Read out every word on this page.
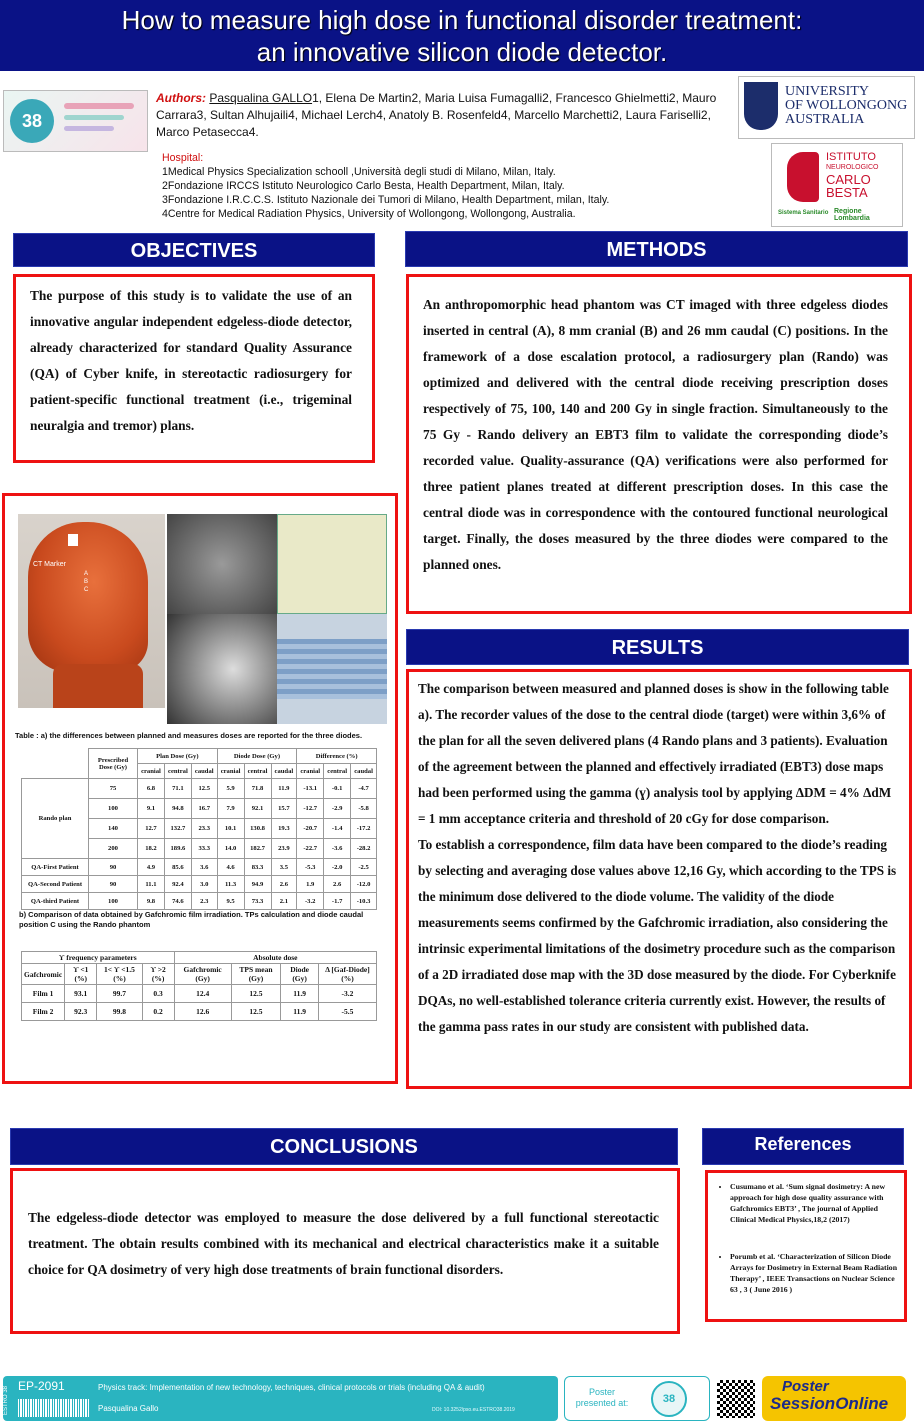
How to measure high dose in functional disorder treatment:
an innovative silicon diode detector.
38
Authors: Pasqualina GALLO1, Elena De Martin2, Maria Luisa Fumagalli2, Francesco Ghielmetti2, Mauro Carrara3, Sultan Alhujaili4, Michael Lerch4, Anatoly B. Rosenfeld4, Marcello Marchetti2, Laura Fariselli2, Marco Petasecca4.
Hospital:
1Medical Physics Specialization schooll ,Università degli studi di Milano, Milan, Italy.
2Fondazione IRCCS Istituto Neurologico Carlo Besta, Health Department, Milan, Italy.
3Fondazione I.R.C.C.S. Istituto Nazionale dei Tumori di Milano, Health Department, milan, Italy.
4Centre for Medical Radiation Physics, University of Wollongong, Wollongong, Australia.
UNIVERSITY
OF WOLLONGONG
AUSTRALIA
ISTITUTO
NEUROLOGICO
CARLO
BESTA
Sistema Sanitario Regione Lombardia
OBJECTIVES
The purpose of this study is to validate the use of an innovative angular independent edgeless-diode detector, already characterized for standard Quality Assurance (QA) of Cyber knife, in stereotactic radiosurgery for patient-specific functional treatment (i.e., trigeminal neuralgia and tremor) plans.
METHODS
An anthropomorphic head phantom was CT imaged with three edgeless diodes inserted in central (A), 8 mm cranial (B) and 26 mm caudal (C) positions. In the framework of a dose escalation protocol, a radiosurgery plan (Rando) was optimized and delivered with the central diode receiving prescription doses respectively of 75, 100, 140 and 200 Gy in single fraction. Simultaneously to the 75 Gy - Rando delivery an EBT3 film to validate the corresponding diode’s recorded value. Quality-assurance (QA) verifications were also performed for three patient planes treated at different prescription doses. In this case the central diode was in correspondence with the contoured functional neurological target. Finally, the doses measured by the three diodes were compared to the planned ones.
CT Marker
A
B
C
Table : a) the differences between planned and measures doses are reported for the three diodes.
	Prescribed Dose (Gy)	Plan Dose (Gy)			Diode Dose (Gy)			Difference (%)		
		cranial	central	caudal	cranial	central	caudal	cranial	central	caudal
Rando plan	75	6.8	71.1	12.5	5.9	71.8	11.9	-13.1	-0.1	-4.7
	100	9.1	94.8	16.7	7.9	92.1	15.7	-12.7	-2.9	-5.8
	140	12.7	132.7	23.3	10.1	130.8	19.3	-20.7	-1.4	-17.2
	200	18.2	189.6	33.3	14.0	182.7	23.9	-22.7	-3.6	-28.2
QA-First Patient	90	4.9	85.6	3.6	4.6	83.3	3.5	-5.3	-2.0	-2.5
QA-Second Patient	90	11.1	92.4	3.0	11.3	94.9	2.6	1.9	2.6	-12.0
QA-third Patient	100	9.8	74.6	2.3	9.5	73.3	2.1	-3.2	-1.7	-10.3
b) Comparison of data obtained by Gafchromic film irradiation. TPs calculation and diode caudal position C using the Rando phantom
ϒ frequency parameters				Absolute dose			
Gafchromic	ϒ <1 (%)	1< ϒ <1.5 (%)	ϒ >2 (%)	Gafchromic (Gy)	TPS mean (Gy)	Diode (Gy)	Δ [Gaf-Diode] (%)
Film 1	93.1	99.7	0.3	12.4	12.5	11.9	-3.2
Film 2	92.3	99.8	0.2	12.6	12.5	11.9	-5.5
RESULTS
The comparison between measured and planned doses is show in the following table a). The recorder values of the dose to the central diode (target) were within 3,6% of the plan for all the seven delivered plans (4 Rando plans and 3 patients). Evaluation of the agreement between the planned and effectively irradiated (EBT3) dose maps had been performed using the gamma (ɣ) analysis tool by applying ΔDM = 4% ΔdM = 1 mm acceptance criteria and threshold of 20 cGy for dose comparison.
To establish a correspondence, film data have been compared to the diode’s reading by selecting and averaging dose values above 12,16 Gy, which according to the TPS is the minimum dose delivered to the diode volume. The validity of the diode measurements seems confirmed by the Gafchromic irradiation, also considering the intrinsic experimental limitations of the dosimetry procedure such as the comparison of a 2D irradiated dose map with the 3D dose measured by the diode. For Cyberknife DQAs, no well-established tolerance criteria currently exist. However, the results of the gamma pass rates in our study are consistent with published data.
CONCLUSIONS
The edgeless-diode detector was employed to measure the dose delivered by a full functional stereotactic treatment. The obtain results combined with its mechanical and electrical characteristics make it a suitable choice for QA dosimetry of very high dose treatments of brain functional disorders.
References
• Cusumano et al. ‘Sum signal dosimetry: A new approach for high dose quality assurance with Gafchromics EBT3’ , The journal of Applied Clinical Medical Physics,18,2 (2017)
• Porumb et al. ‘Characterization of Silicon Diode Arrays for Dosimetry in External Beam Radiation Therapy’ , IEEE Transactions on Nuclear Science 63 , 3 ( June 2016 )
ESTRO 38 EP-2091	Physics track: Implementation of new technology, techniques, clinical protocols or trials (including QA & audit)
Pasqualina Gallo	DOI: 10.3252/pso.eu.ESTRO38.2019
Poster presented at:	38
Poster
SessionOnline
